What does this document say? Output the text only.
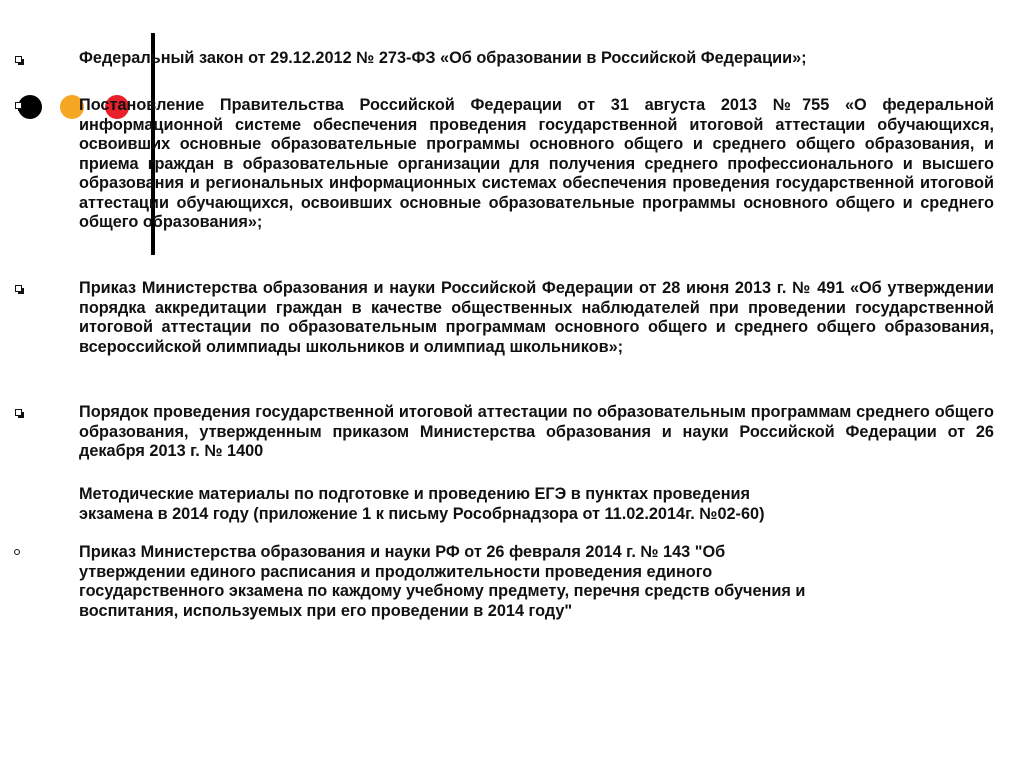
Федеральный закон от 29.12.2012 № 273-ФЗ «Об образовании в Российской Федерации»;
Постановление Правительства Российской Федерации от 31 августа 2013 №755 «О федеральной информационной системе обеспечения проведения государственной итоговой аттестации обучающихся, освоивших основные образовательные программы основного общего и среднего общего образования, и приема граждан в образовательные организации для получения среднего профессионального и высшего образования и региональных информационных системах обеспечения проведения государственной итоговой аттестации обучающихся, освоивших основные образовательные программы основного общего и среднего общего образования»;
Приказ Министерства образования и науки Российской Федерации от 28 июня 2013 г. № 491 «Об утверждении порядка аккредитации граждан в качестве общественных наблюдателей при проведении государственной итоговой аттестации по образовательным программам основного общего и среднего общего образования, всероссийской олимпиады школьников и олимпиад школьников»;
Порядок проведения государственной итоговой аттестации по образовательным программам среднего общего образования, утвержденным приказом Министерства образования и науки Российской Федерации от 26 декабря 2013 г. № 1400
Методические материалы по подготовке и проведению ЕГЭ в пунктах проведения
экзамена в 2014 году (приложение 1 к письму Рособрнадзора от 11.02.2014г. №02-60)
Приказ Министерства образования и науки РФ от 26 февраля 2014 г. № 143 "Об
утверждении единого расписания и продолжительности проведения единого
государственного экзамена по каждому учебному предмету, перечня средств обучения и
воспитания, используемых при его проведении в 2014 году"
